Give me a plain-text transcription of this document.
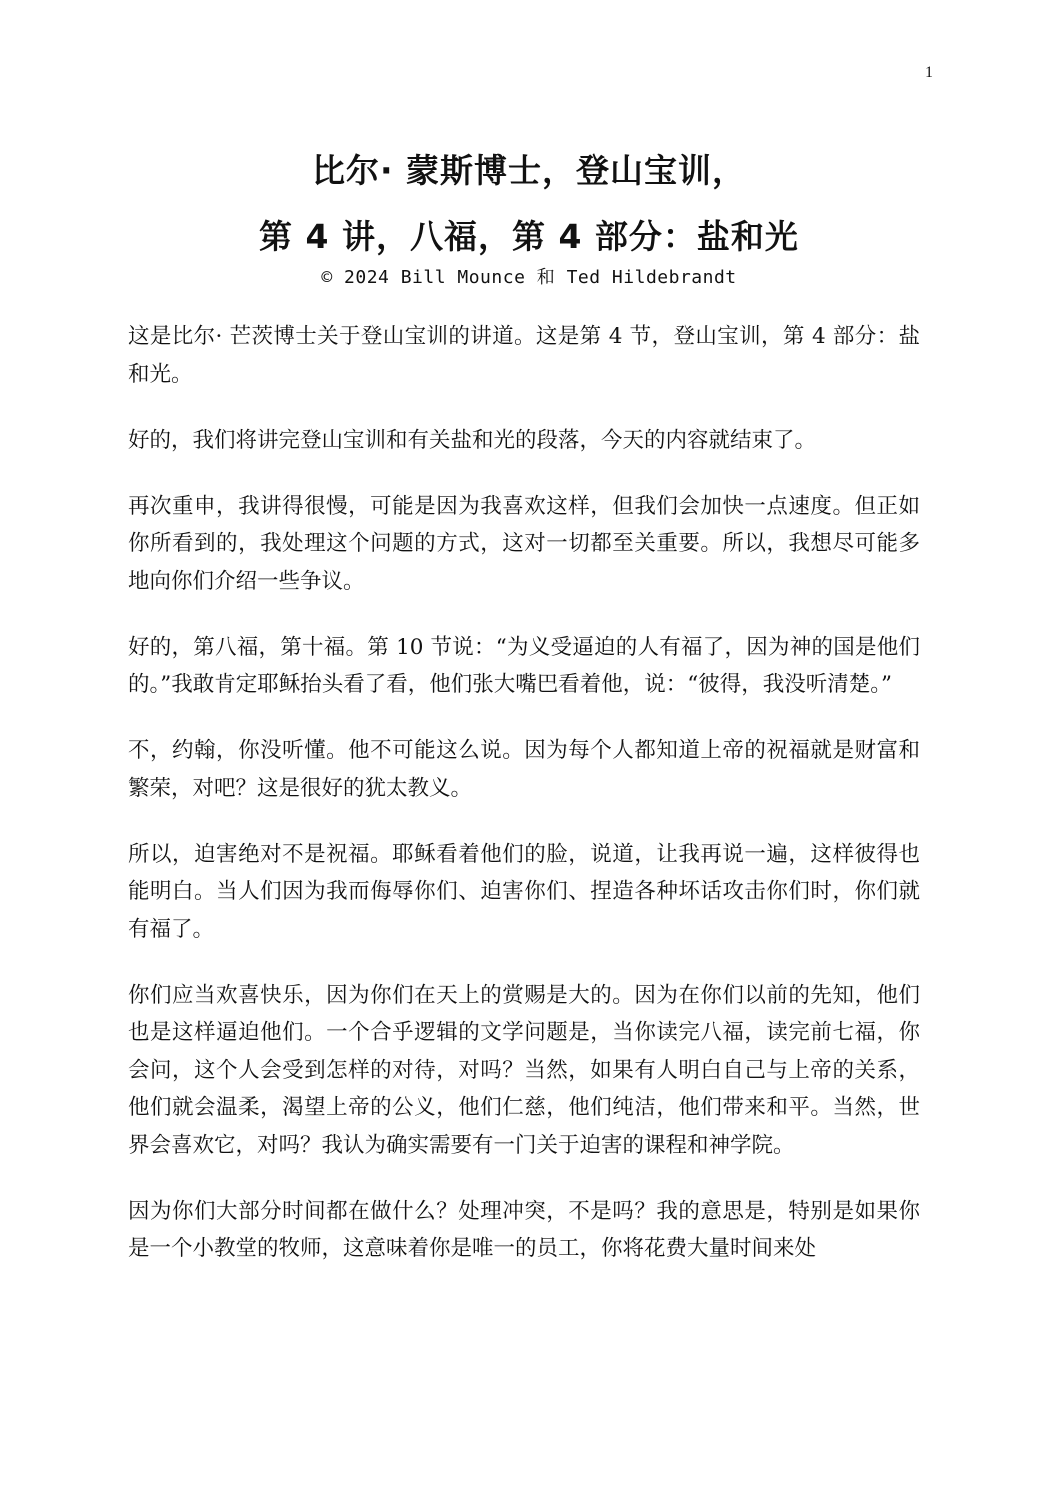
1
比尔· 蒙斯博士，登山宝训，
第 4 讲，八福，第 4 部分：盐和光
© 2024 Bill Mounce 和 Ted Hildebrandt

这是比尔· 芒茨博士关于登山宝训的讲道。这是第 4 节，登山宝训，第 4 部分：盐和光。

好的，我们将讲完登山宝训和有关盐和光的段落，今天的内容就结束了。

再次重申，我讲得很慢，可能是因为我喜欢这样，但我们会加快一点速度。但正如你所看到的，我处理这个问题的方式，这对一切都至关重要。所以，我想尽可能多地向你们介绍一些争议。

好的，第八福，第十福。第 10 节说：“为义受逼迫的人有福了，因为神的国是他们的。”我敢肯定耶稣抬头看了看，他们张大嘴巴看着他，说：“彼得，我没听清楚。”

不，约翰，你没听懂。他不可能这么说。因为每个人都知道上帝的祝福就是财富和繁荣，对吧？这是很好的犹太教义。

所以，迫害绝对不是祝福。耶稣看着他们的脸，说道，让我再说一遍，这样彼得也能明白。当人们因为我而侮辱你们、迫害你们、捏造各种坏话攻击你们时，你们就有福了。

你们应当欢喜快乐，因为你们在天上的赏赐是大的。因为在你们以前的先知，他们也是这样逼迫他们。一个合乎逻辑的文学问题是，当你读完八福，读完前七福，你会问，这个人会受到怎样的对待，对吗？当然，如果有人明白自己与上帝的关系，他们就会温柔，渴望上帝的公义，他们仁慈，他们纯洁，他们带来和平。当然，世界会喜欢它，对吗？我认为确实需要有一门关于迫害的课程和神学院。

因为你们大部分时间都在做什么？处理冲突，不是吗？我的意思是，特别是如果你是一个小教堂的牧师，这意味着你是唯一的员工，你将花费大量时间来处
